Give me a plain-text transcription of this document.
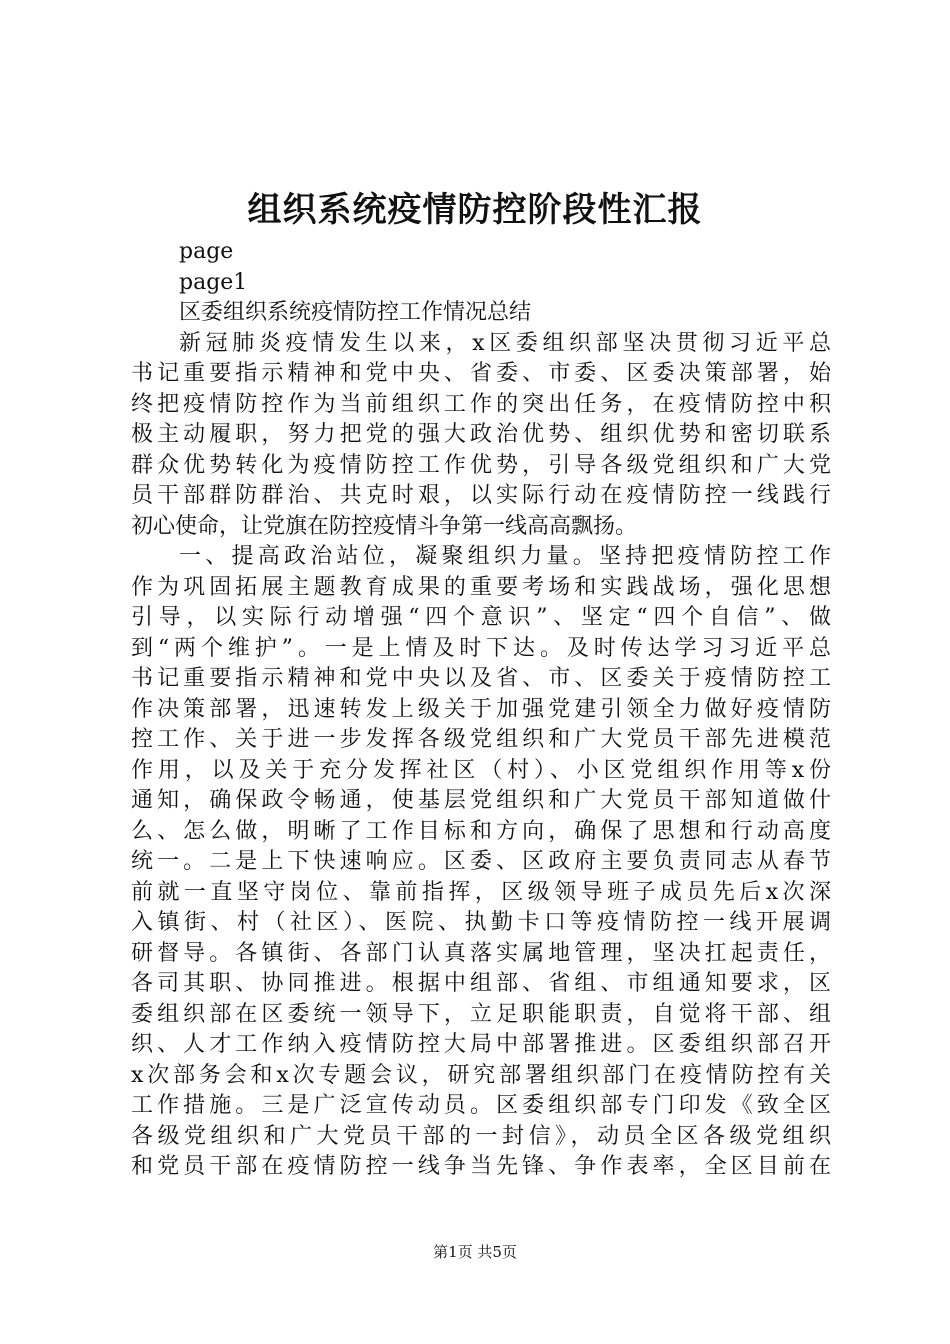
组织系统疫情防控阶段性汇报
page
page1
区委组织系统疫情防控工作情况总结
新冠肺炎疫情发生以来，x区委组织部坚决贯彻习近平总
书记重要指示精神和党中央、省委、市委、区委决策部署，始
终把疫情防控作为当前组织工作的突出任务，在疫情防控中积
极主动履职，努力把党的强大政治优势、组织优势和密切联系
群众优势转化为疫情防控工作优势，引导各级党组织和广大党
员干部群防群治、共克时艰，以实际行动在疫情防控一线践行
初心使命，让党旗在防控疫情斗争第一线高高飘扬。
一、提高政治站位，凝聚组织力量。坚持把疫情防控工作
作为巩固拓展主题教育成果的重要考场和实践战场，强化思想
引导，以实际行动增强“四个意识”、坚定“四个自信”、做
到“两个维护”。一是上情及时下达。及时传达学习习近平总
书记重要指示精神和党中央以及省、市、区委关于疫情防控工
作决策部署，迅速转发上级关于加强党建引领全力做好疫情防
控工作、关于进一步发挥各级党组织和广大党员干部先进模范
作用，以及关于充分发挥社区（村）、小区党组织作用等x份
通知，确保政令畅通，使基层党组织和广大党员干部知道做什
么、怎么做，明晰了工作目标和方向，确保了思想和行动高度
统一。二是上下快速响应。区委、区政府主要负责同志从春节
前就一直坚守岗位、靠前指挥，区级领导班子成员先后x次深
入镇街、村（社区）、医院、执勤卡口等疫情防控一线开展调
研督导。各镇街、各部门认真落实属地管理，坚决扛起责任，
各司其职、协同推进。根据中组部、省组、市组通知要求，区
委组织部在区委统一领导下，立足职能职责，自觉将干部、组
织、人才工作纳入疫情防控大局中部署推进。区委组织部召开
x次部务会和x次专题会议，研究部署组织部门在疫情防控有关
工作措施。三是广泛宣传动员。区委组织部专门印发《致全区
各级党组织和广大党员干部的一封信》，动员全区各级党组织
和党员干部在疫情防控一线争当先锋、争作表率，全区目前在
第1页 共5页
